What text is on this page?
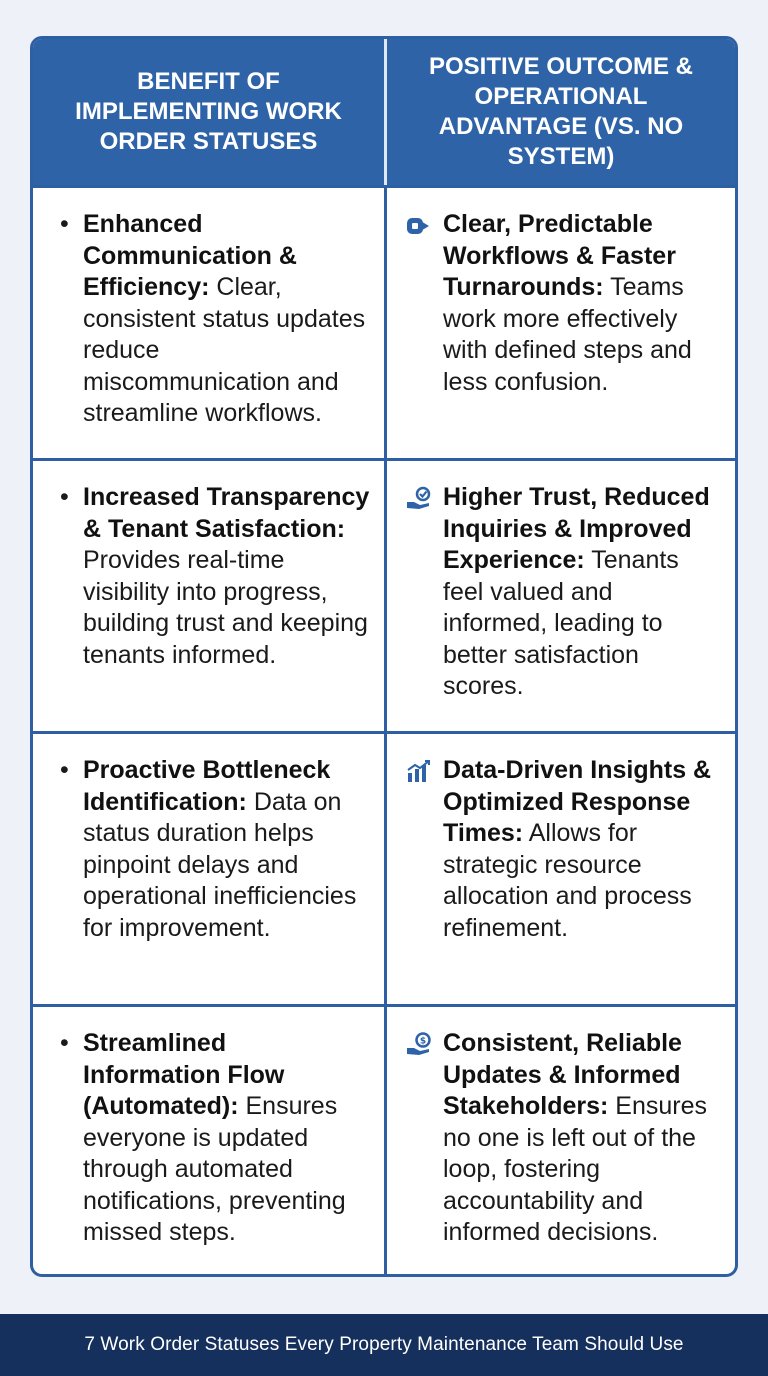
BENEFIT OF IMPLEMENTING WORK ORDER STATUSES
POSITIVE OUTCOME & OPERATIONAL ADVANTAGE (VS. NO SYSTEM)
• Enhanced Communication & Efficiency: Clear, consistent status updates reduce miscommunication and streamline workflows.
Clear, Predictable Workflows & Faster Turnarounds: Teams work more effectively with defined steps and less confusion.
• Increased Transparency & Tenant Satisfaction: Provides real-time visibility into progress, building trust and keeping tenants informed.
Higher Trust, Reduced Inquiries & Improved Experience: Tenants feel valued and informed, leading to better satisfaction scores.
• Proactive Bottleneck Identification: Data on status duration helps pinpoint delays and operational inefficiencies for improvement.
Data-Driven Insights & Optimized Response Times: Allows for strategic resource allocation and process refinement.
• Streamlined Information Flow (Automated): Ensures everyone is updated through automated notifications, preventing missed steps.
$ Consistent, Reliable Updates & Informed Stakeholders: Ensures no one is left out of the loop, fostering accountability and informed decisions.
7 Work Order Statuses Every Property Maintenance Team Should Use
